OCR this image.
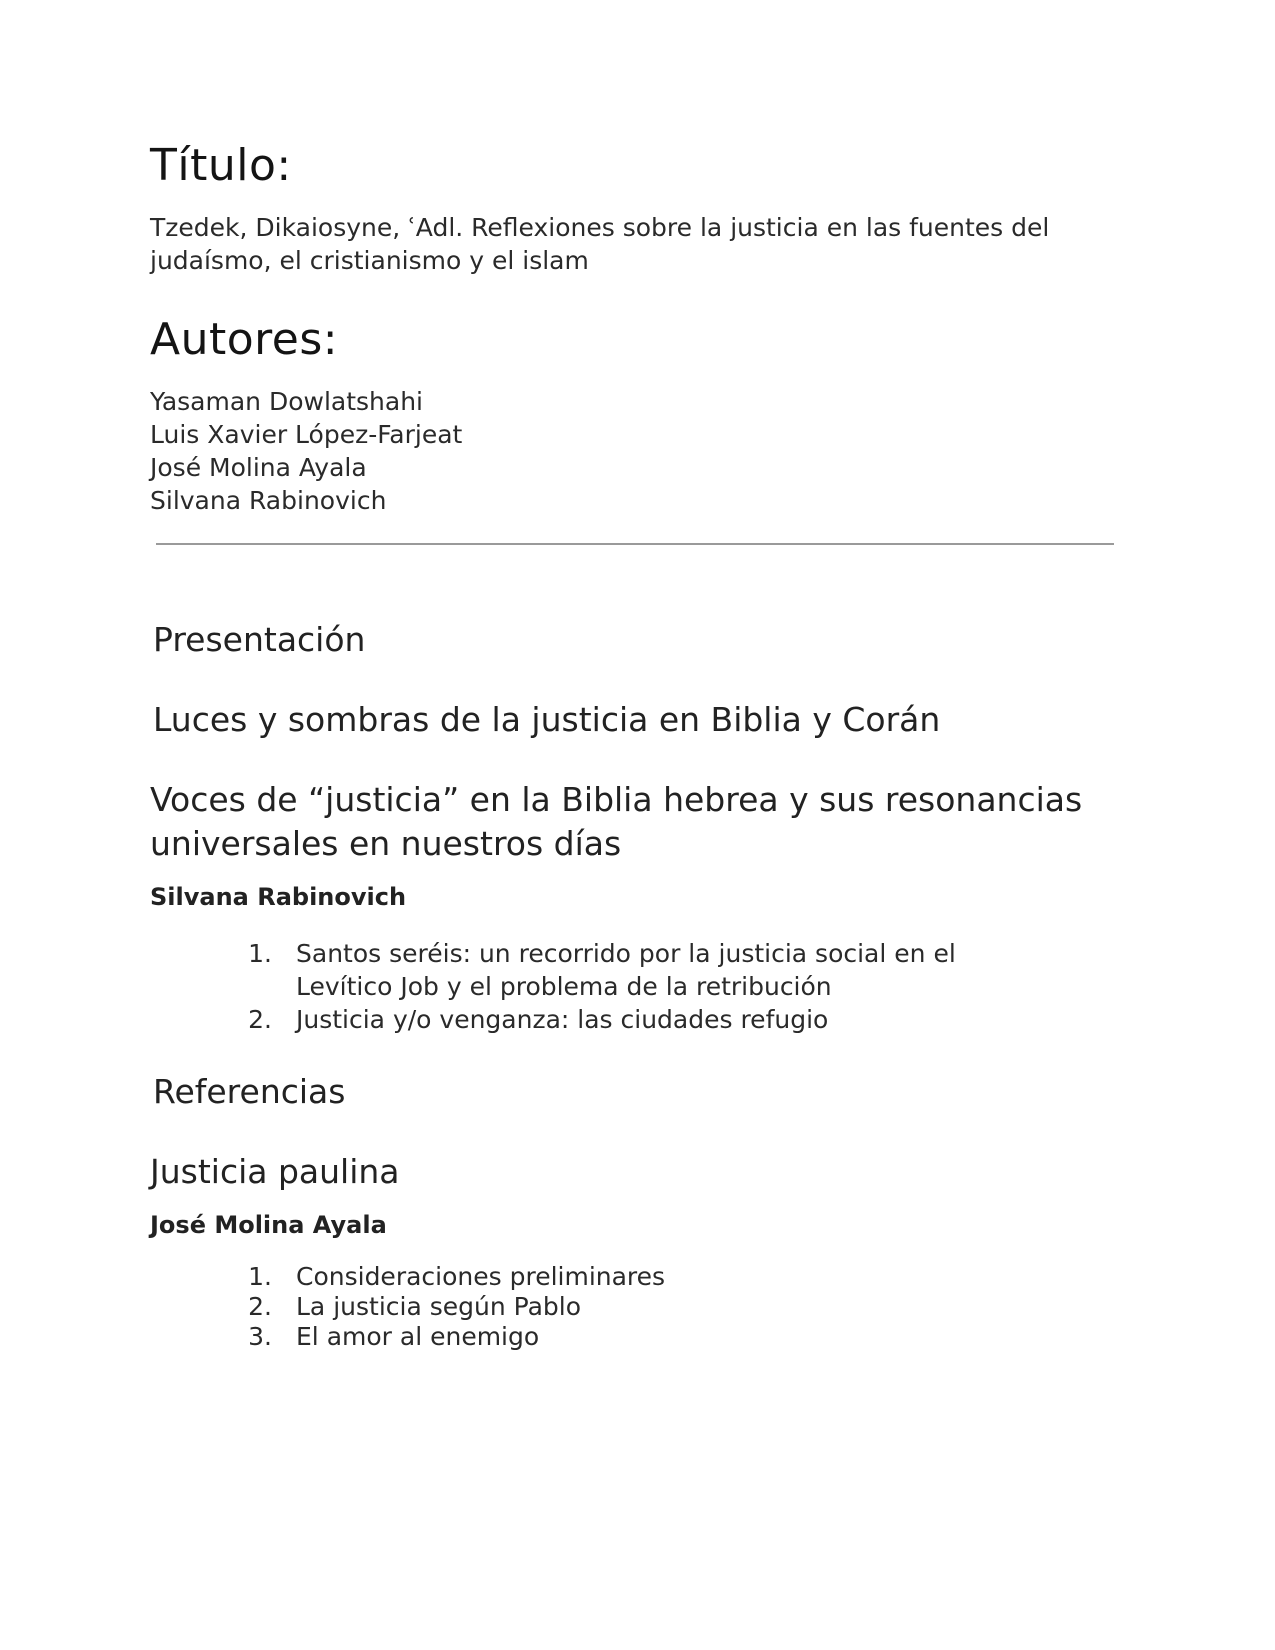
Título:

Tzedek, Dikaiosyne, ʿAdl. Reflexiones sobre la justicia en las fuentes del judaísmo, el cristianismo y el islam

Autores:
Yasaman Dowlatshahi
Luis Xavier López-Farjeat
José Molina Ayala
Silvana Rabinovich
Presentación
Luces y sombras de la justicia en Biblia y Corán
Voces de “justicia” en la Biblia hebrea y sus resonancias universales en nuestros días
Silvana Rabinovich
1. Santos seréis: un recorrido por la justicia social en el Levítico Job y el problema de la retribución
2. Justicia y/o venganza: las ciudades refugio
Referencias
Justicia paulina
José Molina Ayala
1. Consideraciones preliminares
2. La justicia según Pablo
3. El amor al enemigo
